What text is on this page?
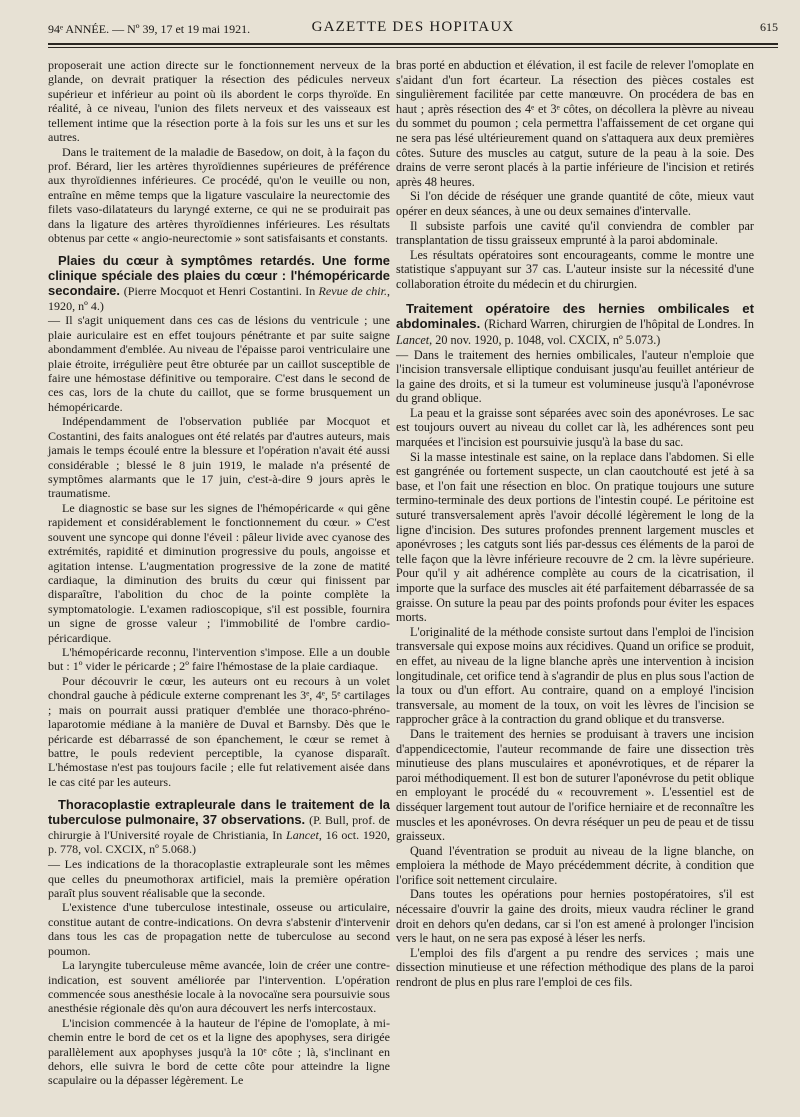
94ᵉ ANNÉE. — Nº 39, 17 et 19 mai 1921.	GAZETTE DES HOPITAUX	615

proposerait une action directe sur le fonctionnement nerveux de la glande, on devrait pratiquer la résection des pédicules nerveux supérieur et inférieur au point où ils abordent le corps thyroïde. En réalité, à ce niveau, l'union des filets nerveux et des vaisseaux est tellement intime que la résection porte à la fois sur les uns et sur les autres.

Dans le traitement de la maladie de Basedow, on doit, à la façon du prof. Bérard, lier les artères thyroïdiennes supérieures de préférence aux thyroïdiennes inférieures. Ce procédé, qu'on le veuille ou non, entraîne en même temps que la ligature vasculaire la neurectomie des filets vaso-dilatateurs du laryngé externe, ce qui ne se produirait pas dans la ligature des artères thyroïdiennes inférieures. Les résultats obtenus par cette « angio-neurectomie » sont satisfaisants et constants.

Plaies du cœur à symptômes retardés. Une forme clinique spéciale des plaies du cœur : l'hémopéricarde secondaire. (Pierre Mocquot et Henri Costantini. In Revue de chir., 1920, nº 4.)

— Il s'agit uniquement dans ces cas de lésions du ventricule ; une plaie auriculaire est en effet toujours pénétrante et par suite saigne abondamment d'emblée. Au niveau de l'épaisse paroi ventriculaire une plaie étroite, irrégulière peut être obturée par un caillot susceptible de faire une hémostase définitive ou temporaire. C'est dans le second de ces cas, lors de la chute du caillot, que se forme brusquement un hémopéricarde.

Indépendamment de l'observation publiée par Mocquot et Costantini, des faits analogues ont été relatés par d'autres auteurs, mais jamais le temps écoulé entre la blessure et l'opération n'avait été aussi considérable ; blessé le 8 juin 1919, le malade n'a présenté de symptômes alarmants que le 17 juin, c'est-à-dire 9 jours après le traumatisme.

Le diagnostic se base sur les signes de l'hémopéricarde « qui gêne rapidement et considérablement le fonctionnement du cœur. » C'est souvent une syncope qui donne l'éveil : pâleur livide avec cyanose des extrémités, rapidité et diminution progressive du pouls, angoisse et agitation intense. L'augmentation progressive de la zone de matité cardiaque, la diminution des bruits du cœur qui finissent par disparaître, l'abolition du choc de la pointe complète la symptomatologie. L'examen radioscopique, s'il est possible, fournira un signe de grosse valeur ; l'immobilité de l'ombre cardio-péricardique.

L'hémopéricarde reconnu, l'intervention s'impose. Elle a un double but : 1º vider le péricarde ; 2º faire l'hémostase de la plaie cardiaque.

Pour découvrir le cœur, les auteurs ont eu recours à un volet chondral gauche à pédicule externe comprenant les 3ᵉ, 4ᵉ, 5ᵉ cartilages ; mais on pourrait aussi pratiquer d'emblée une thoraco-phréno-laparotomie médiane à la manière de Duval et Barnsby. Dès que le péricarde est débarrassé de son épanchement, le cœur se remet à battre, le pouls redevient perceptible, la cyanose disparaît. L'hémostase n'est pas toujours facile ; elle fut relativement aisée dans le cas cité par les auteurs.

Thoracoplastie extrapleurale dans le traitement de la tuberculose pulmonaire, 37 observations. (P. Bull, prof. de chirurgie à l'Université royale de Christiania, In Lancet, 16 oct. 1920, p. 778, vol. CXCIX, nº 5.068.)

— Les indications de la thoracoplastie extrapleurale sont les mêmes que celles du pneumothorax artificiel, mais la première opération paraît plus souvent réalisable que la seconde.

L'existence d'une tuberculose intestinale, osseuse ou articulaire, constitue autant de contre-indications. On devra s'abstenir d'intervenir dans tous les cas de propagation nette de tuberculose au second poumon.

La laryngite tuberculeuse même avancée, loin de créer une contre-indication, est souvent améliorée par l'intervention. L'opération commencée sous anesthésie locale à la novocaïne sera poursuivie sous anesthésie régionale dès qu'on aura découvert les nerfs intercostaux.

L'incision commencée à la hauteur de l'épine de l'omoplate, à mi-chemin entre le bord de cet os et la ligne des apophyses, sera dirigée parallèlement aux apophyses jusqu'à la 10ᵉ côte ; là, s'inclinant en dehors, elle suivra le bord de cette côte pour atteindre la ligne scapulaire ou la dépasser légèrement. Le

bras porté en abduction et élévation, il est facile de relever l'omoplate en s'aidant d'un fort écarteur. La résection des pièces costales est singulièrement facilitée par cette manœuvre. On procédera de bas en haut ; après résection des 4ᵉ et 3ᵉ côtes, on décollera la plèvre au niveau du sommet du poumon ; cela permettra l'affaissement de cet organe qui ne sera pas lésé ultérieurement quand on s'attaquera aux deux premières côtes. Suture des muscles au catgut, suture de la peau à la soie. Des drains de verre seront placés à la partie inférieure de l'incision et retirés après 48 heures.

Si l'on décide de réséquer une grande quantité de côte, mieux vaut opérer en deux séances, à une ou deux semaines d'intervalle.

Il subsiste parfois une cavité qu'il conviendra de combler par transplantation de tissu graisseux emprunté à la paroi abdominale.

Les résultats opératoires sont encourageants, comme le montre une statistique s'appuyant sur 37 cas. L'auteur insiste sur la nécessité d'une collaboration étroite du médecin et du chirurgien.

Traitement opératoire des hernies ombilicales et abdominales. (Richard Warren, chirurgien de l'hôpital de Londres. In Lancet, 20 nov. 1920, p. 1048, vol. CXCIX, nº 5.073.)

— Dans le traitement des hernies ombilicales, l'auteur n'emploie que l'incision transversale elliptique conduisant jusqu'au feuillet antérieur de la gaine des droits, et si la tumeur est volumineuse jusqu'à l'aponévrose du grand oblique.

La peau et la graisse sont séparées avec soin des aponévroses. Le sac est toujours ouvert au niveau du collet car là, les adhérences sont peu marquées et l'incision est poursuivie jusqu'à la base du sac.

Si la masse intestinale est saine, on la replace dans l'abdomen. Si elle est gangrénée ou fortement suspecte, un clan caoutchouté est jeté à sa base, et l'on fait une résection en bloc. On pratique toujours une suture termino-terminale des deux portions de l'intestin coupé. Le péritoine est suturé transversalement après l'avoir décollé légèrement le long de la ligne d'incision. Des sutures profondes prennent largement muscles et aponévroses ; les catguts sont liés par-dessus ces éléments de la paroi de telle façon que la lèvre inférieure recouvre de 2 cm. la lèvre supérieure. Pour qu'il y ait adhérence complète au cours de la cicatrisation, il importe que la surface des muscles ait été parfaitement débarrassée de sa graisse. On suture la peau par des points profonds pour éviter les espaces morts.

L'originalité de la méthode consiste surtout dans l'emploi de l'incision transversale qui expose moins aux récidives. Quand un orifice se produit, en effet, au niveau de la ligne blanche après une intervention à incision longitudinale, cet orifice tend à s'agrandir de plus en plus sous l'action de la toux ou d'un effort. Au contraire, quand on a employé l'incision transversale, au moment de la toux, on voit les lèvres de l'incision se rapprocher grâce à la contraction du grand oblique et du transverse.

Dans le traitement des hernies se produisant à travers une incision d'appendicectomie, l'auteur recommande de faire une dissection très minutieuse des plans musculaires et aponévrotiques, et de réparer la paroi méthodiquement. Il est bon de suturer l'aponévrose du petit oblique en employant le procédé du « recouvrement ». L'essentiel est de disséquer largement tout autour de l'orifice herniaire et de reconnaître les muscles et les aponévroses. On devra réséquer un peu de peau et de tissu graisseux.

Quand l'éventration se produit au niveau de la ligne blanche, on emploiera la méthode de Mayo précédemment décrite, à condition que l'orifice soit nettement circulaire.

Dans toutes les opérations pour hernies postopératoires, s'il est nécessaire d'ouvrir la gaine des droits, mieux vaudra récliner le grand droit en dehors qu'en dedans, car si l'on est amené à prolonger l'incision vers le haut, on ne sera pas exposé à léser les nerfs.

L'emploi des fils d'argent a pu rendre des services ; mais une dissection minutieuse et une réfection méthodique des plans de la paroi rendront de plus en plus rare l'emploi de ces fils.
